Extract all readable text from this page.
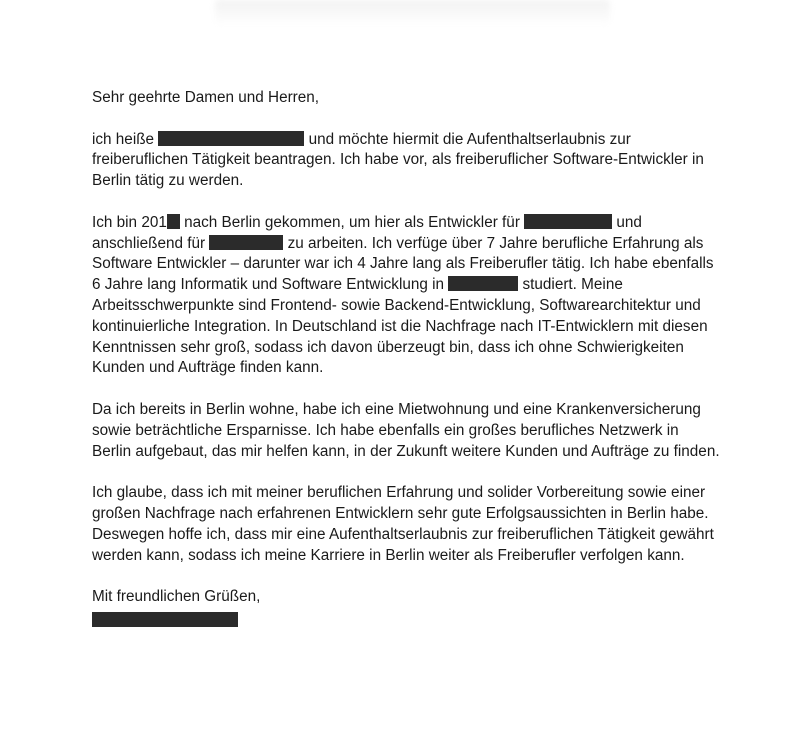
Sehr geehrte Damen und Herren,
ich heiße	und möchte hiermit die Aufenthaltserlaubnis zur
freiberuflichen Tätigkeit beantragen. Ich habe vor, als freiberuflicher Software-Entwickler in
Berlin tätig zu werden.
Ich bin 201 nach Berlin gekommen, um hier als Entwickler für	und
anschließend für	zu arbeiten. Ich verfüge über 7 Jahre berufliche Erfahrung als
Software Entwickler – darunter war ich 4 Jahre lang als Freiberufler tätig. Ich habe ebenfalls
6 Jahre lang Informatik und Software Entwicklung in	studiert. Meine
Arbeitsschwerpunkte sind Frontend- sowie Backend-Entwicklung, Softwarearchitektur und
kontinuierliche Integration. In Deutschland ist die Nachfrage nach IT-Entwicklern mit diesen
Kenntnissen sehr groß, sodass ich davon überzeugt bin, dass ich ohne Schwierigkeiten
Kunden und Aufträge finden kann.
Da ich bereits in Berlin wohne, habe ich eine Mietwohnung und eine Krankenversicherung
sowie beträchtliche Ersparnisse. Ich habe ebenfalls ein großes berufliches Netzwerk in
Berlin aufgebaut, das mir helfen kann, in der Zukunft weitere Kunden und Aufträge zu finden.
Ich glaube, dass ich mit meiner beruflichen Erfahrung und solider Vorbereitung sowie einer
großen Nachfrage nach erfahrenen Entwicklern sehr gute Erfolgsaussichten in Berlin habe.
Deswegen hoffe ich, dass mir eine Aufenthaltserlaubnis zur freiberuflichen Tätigkeit gewährt
werden kann, sodass ich meine Karriere in Berlin weiter als Freiberufler verfolgen kann.
Mit freundlichen Grüßen,
